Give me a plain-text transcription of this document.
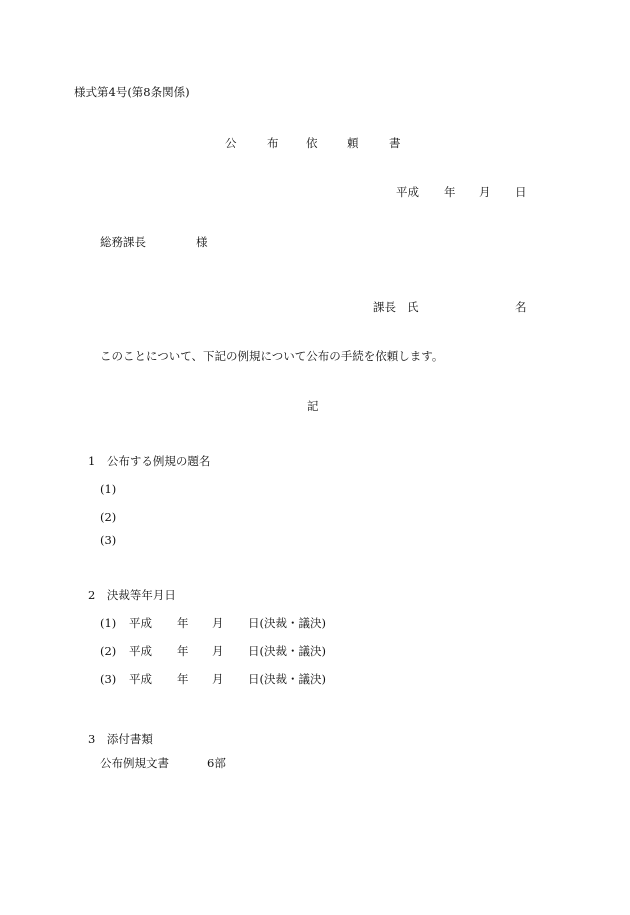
様式第4号(第8条関係)
公	布 依	頼	書
平成 年 月 日
総務課長	様
課長 氏	名
このことについて、下記の例規について公布の手続を依頼します。
記
1　公布する例規の題名
(1)
(2)
(3)
2　決裁等年月日
(1) 平成 年 月 日(決裁・議決)
(2) 平成 年 月 日(決裁・議決)
(3) 平成 年 月 日(決裁・議決)
3　添付書類
公布例規文書	6部
